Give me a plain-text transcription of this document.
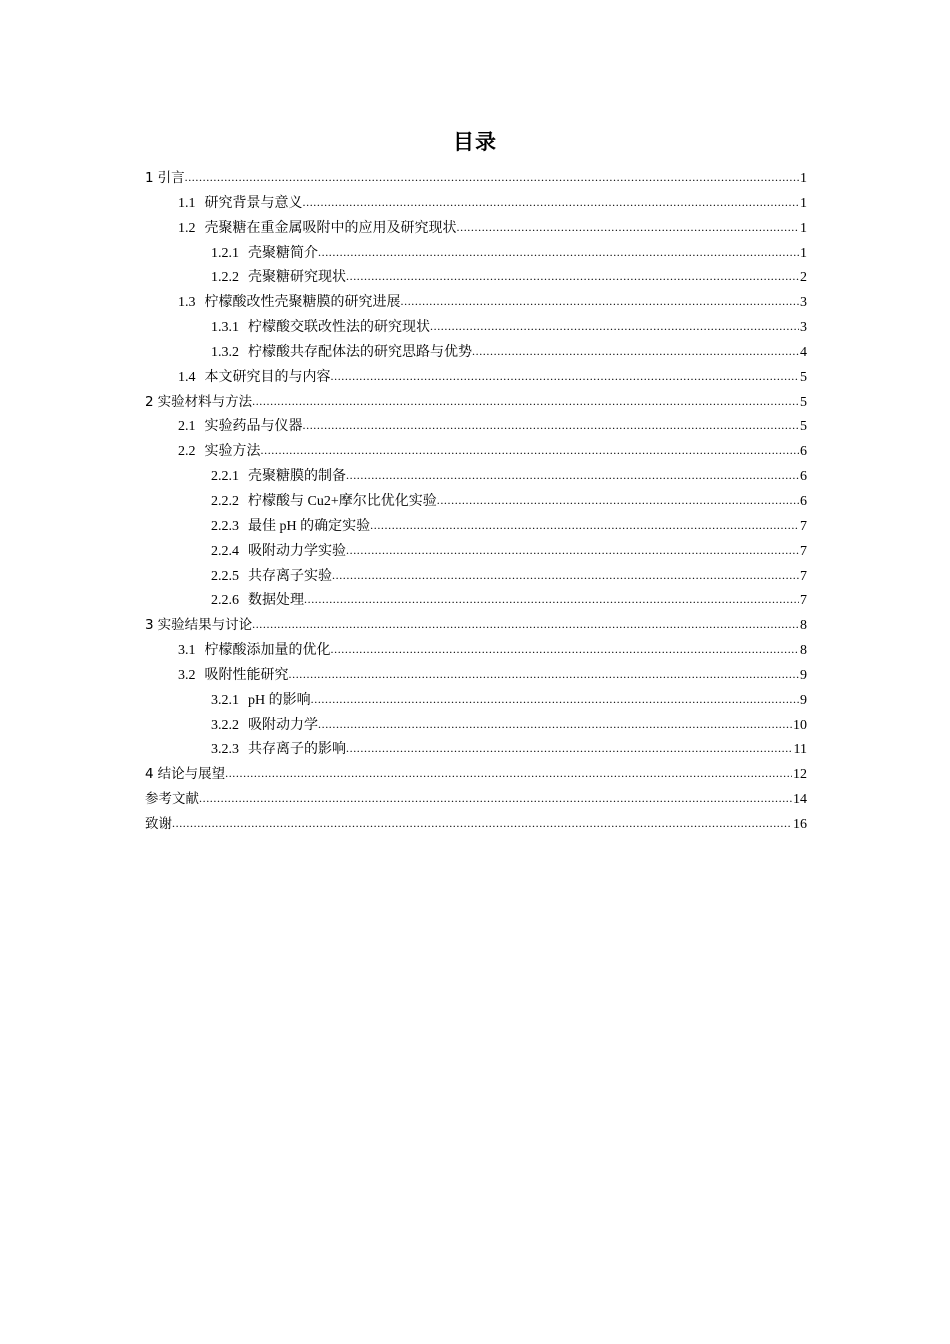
目录
1 引言 .....	1
1.1 研究背景与意义 .....	1
1.2 壳聚糖在重金属吸附中的应用及研究现状 .....	1
1.2.1 壳聚糖简介 .....	1
1.2.2 壳聚糖研究现状 .....	2
1.3 柠檬酸改性壳聚糖膜的研究进展 .....	3
1.3.1 柠檬酸交联改性法的研究现状 .....	3
1.3.2 柠檬酸共存配体法的研究思路与优势 .....	4
1.4 本文研究目的与内容 .....	5
2 实验材料与方法 .....	5
2.1 实验药品与仪器 .....	5
2.2 实验方法 .....	6
2.2.1 壳聚糖膜的制备 .....	6
2.2.2 柠檬酸与 Cu2+摩尔比优化实验 .....	6
2.2.3 最佳 pH 的确定实验 .....	7
2.2.4 吸附动力学实验 .....	7
2.2.5 共存离子实验 .....	7
2.2.6 数据处理 .....	7
3 实验结果与讨论 .....	8
3.1 柠檬酸添加量的优化 .....	8
3.2 吸附性能研究 .....	9
3.2.1 pH 的影响 .....	9
3.2.2 吸附动力学 .....	10
3.2.3 共存离子的影响 .....	11
4 结论与展望 .....	12
参考文献 .....	14
致谢 .....	16
